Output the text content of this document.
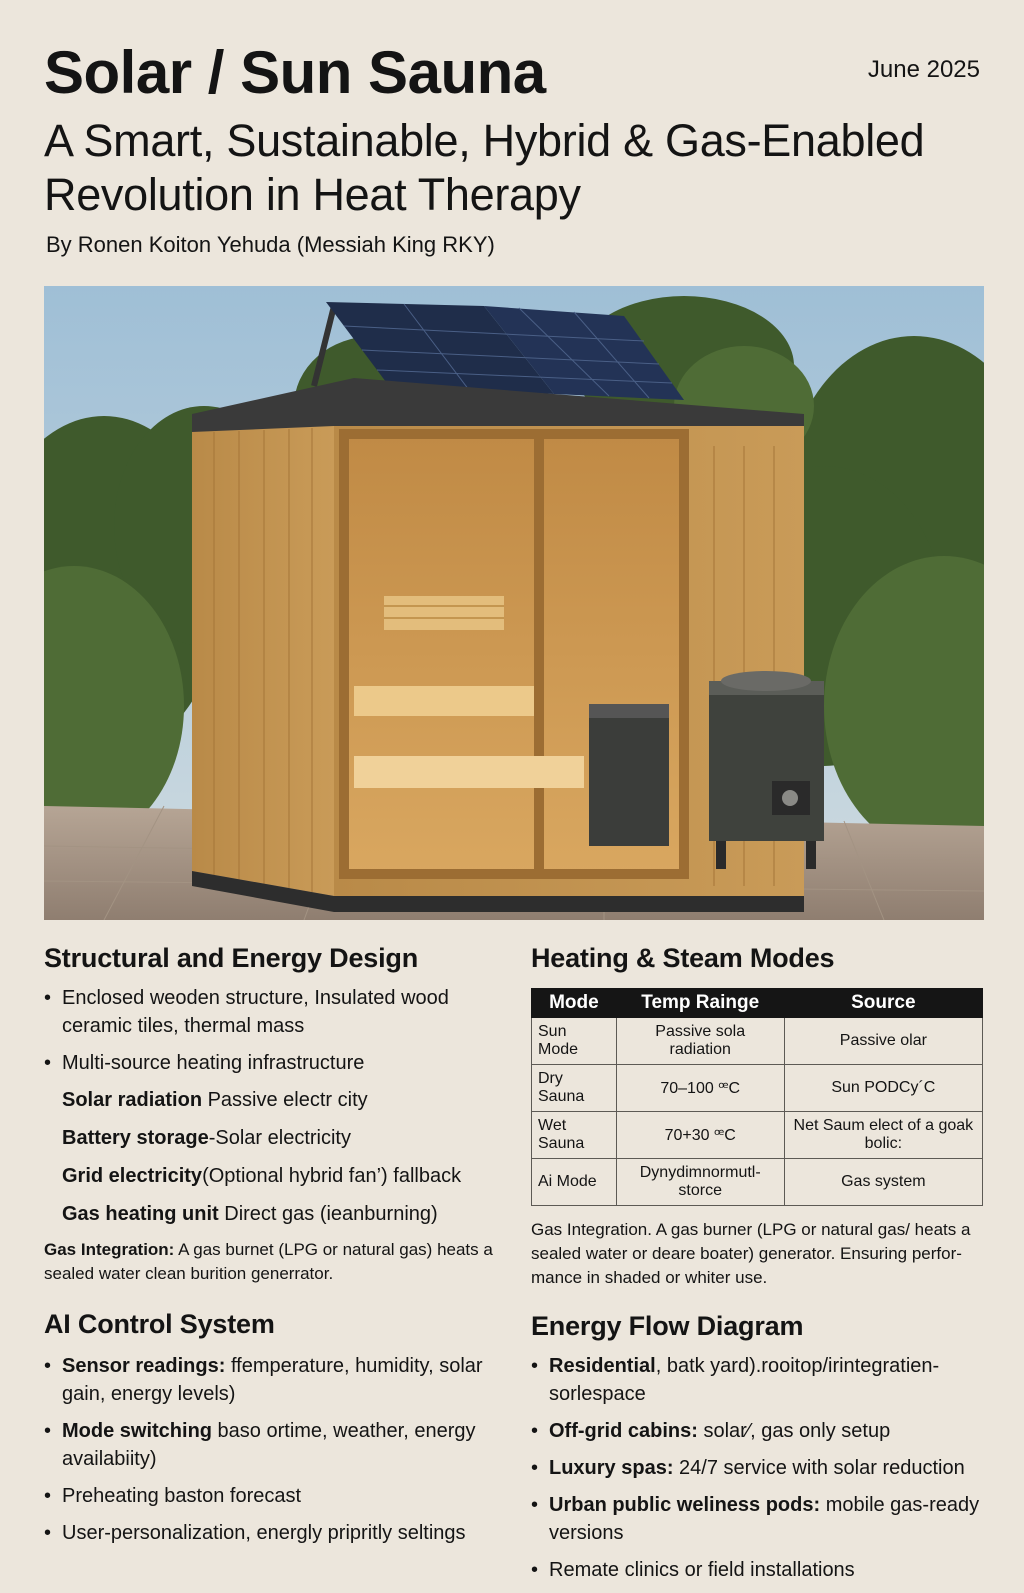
Solar / Sun Sauna	June 2025
A Smart, Sustainable, Hybrid & Gas-Enabled Revolution in Heat Therapy
By Ronen Koiton Yehuda (Messiah King RKY)
Structural and Energy Design
• Enclosed weoden structure, Insulated wood ceramic tiles, thermal mass
• Multi-source heating infrastructure
Solar radiation Passive electr city
Battery storage-Solar electricity
Grid electricity(Optional hybrid fan’) fallback
Gas heating unit Direct gas (ieanburning)
Gas Integration: A gas burnet (LPG or natural gas) heats a sealed water clean burition generrator.
AI Control System
• Sensor readings: ffemperature, humidity, solar gain, energy levels)
• Mode switching baso ortime, weather, energy availabiity)
• Preheating baston forecast
• User-personalization, energly pripritly seltings
Heating & Steam Modes
Mode	Temp Rainge	Source
Sun Mode	Passive sola radiation	Passive olar
Dry Sauna	70–100 ꟹC	Sun PODCy´C
Wet Sauna	70+30 ꟹC	Net Saum elect of a goak bolic:
Ai Mode	Dynydimnormutl-storce	Gas system
Gas Integration. A gas burner (LPG or natural gas/ heats a sealed water or deare boater) generator. Ensuring perfor-mance in shaded or whiter use.
Energy Flow Diagram
• Residential, batk yard).rooitop/irintegratien-sorlespace
• Off-grid cabins: solar⁄, gas only setup
• Luxury spas: 24/7 service with solar reduction
• Urban public weliness pods: mobile gas-ready versions
• Remate clinics or field installations
